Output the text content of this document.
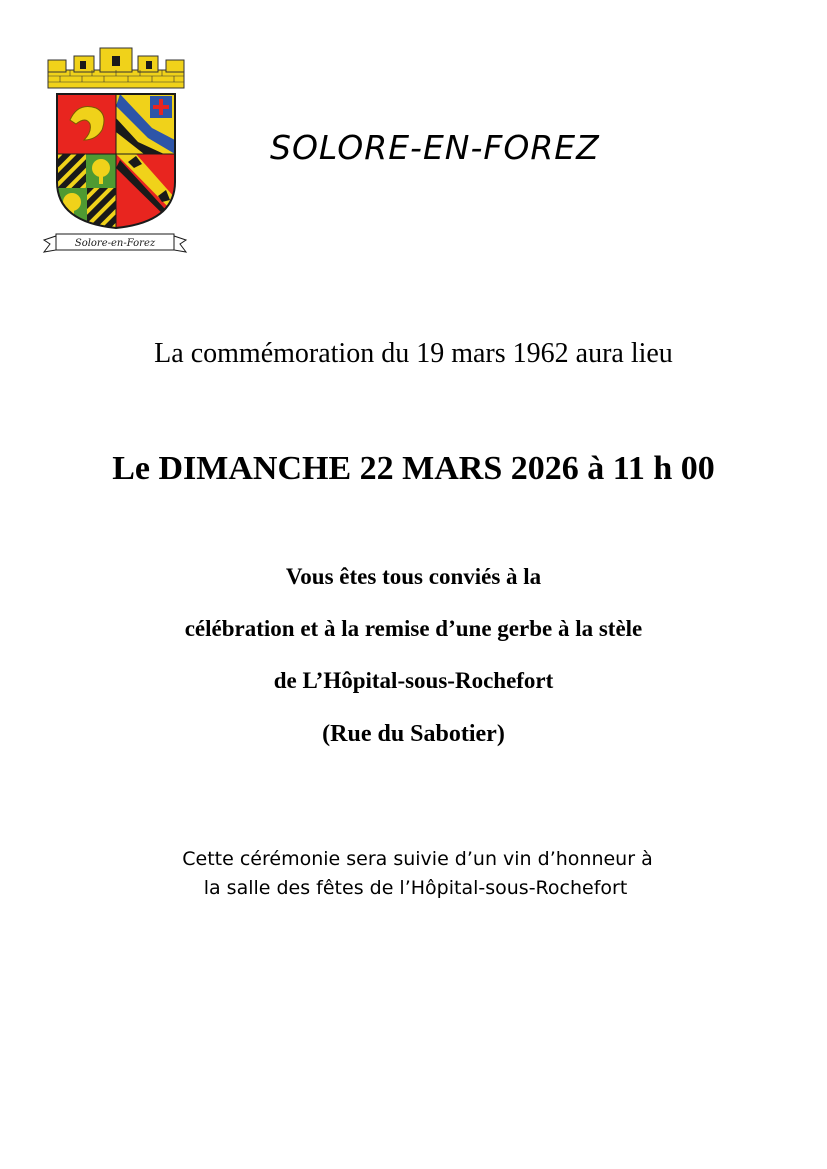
Solore-en-Forez
SOLORE-EN-FOREZ
La commémoration du 19 mars 1962 aura lieu
Le DIMANCHE 22 MARS 2026 à 11 h 00
Vous êtes tous conviés à la
célébration et à la remise d’une gerbe à la stèle
de L’Hôpital-sous-Rochefort
(Rue du Sabotier)
Cette cérémonie sera suivie d’un vin d’honneur à
la salle des fêtes de l’Hôpital-sous-Rochefort
